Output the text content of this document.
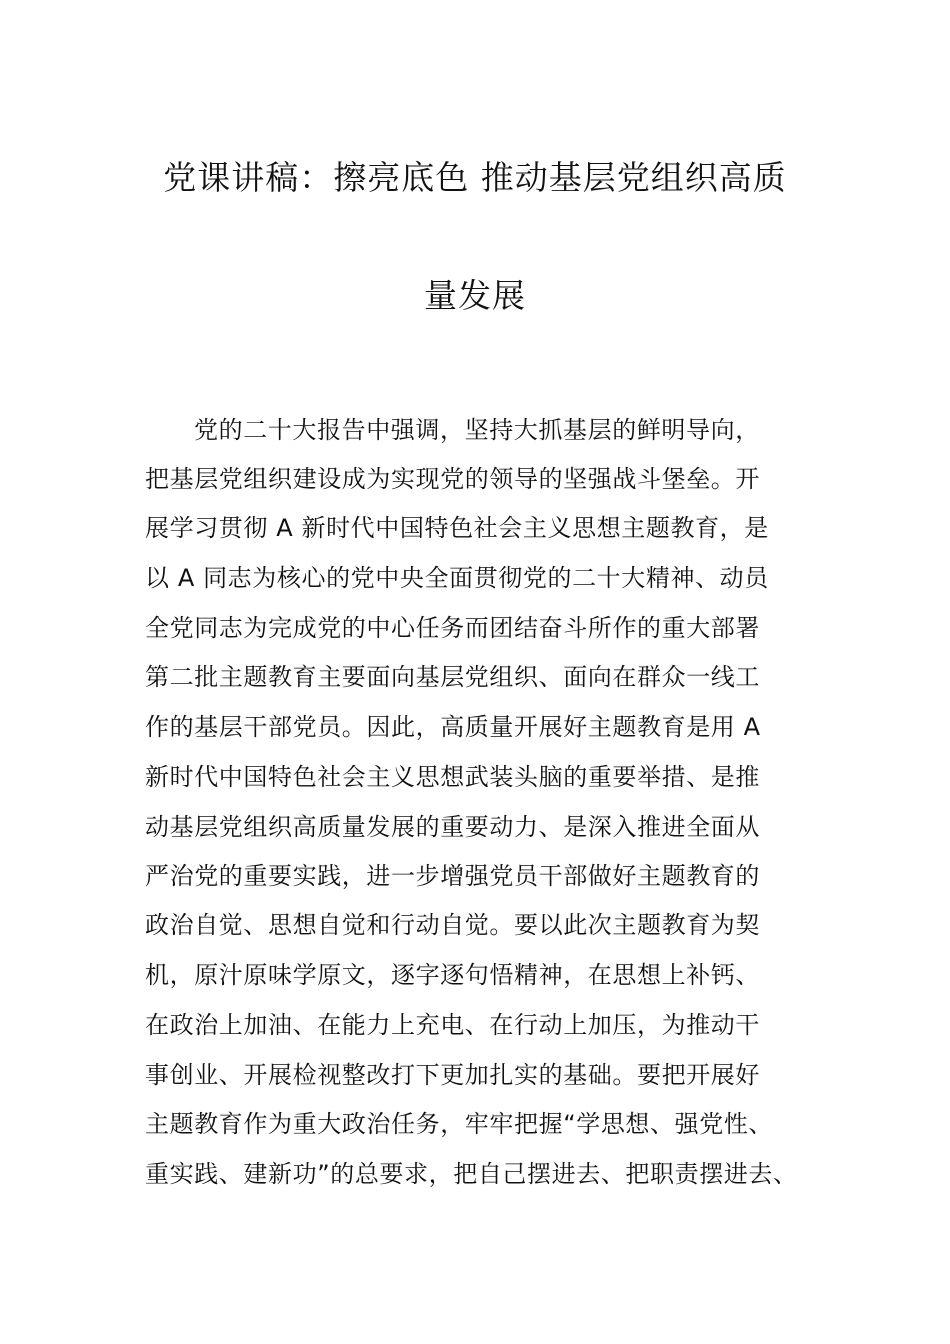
党课讲稿：擦亮底色 推动基层党组织高质
量发展
党的二十大报告中强调，坚持大抓基层的鲜明导向，
把基层党组织建设成为实现党的领导的坚强战斗堡垒。开
展学习贯彻 A 新时代中国特色社会主义思想主题教育，是
以 A 同志为核心的党中央全面贯彻党的二十大精神、动员
全党同志为完成党的中心任务而团结奋斗所作的重大部署
第二批主题教育主要面向基层党组织、面向在群众一线工
作的基层干部党员。因此，高质量开展好主题教育是用 A
新时代中国特色社会主义思想武装头脑的重要举措、是推
动基层党组织高质量发展的重要动力、是深入推进全面从
严治党的重要实践，进一步增强党员干部做好主题教育的
政治自觉、思想自觉和行动自觉。要以此次主题教育为契
机，原汁原味学原文，逐字逐句悟精神，在思想上补钙、
在政治上加油、在能力上充电、在行动上加压，为推动干
事创业、开展检视整改打下更加扎实的基础。要把开展好
主题教育作为重大政治任务，牢牢把握“学思想、强党性、
重实践、建新功”的总要求，把自己摆进去、把职责摆进去、
